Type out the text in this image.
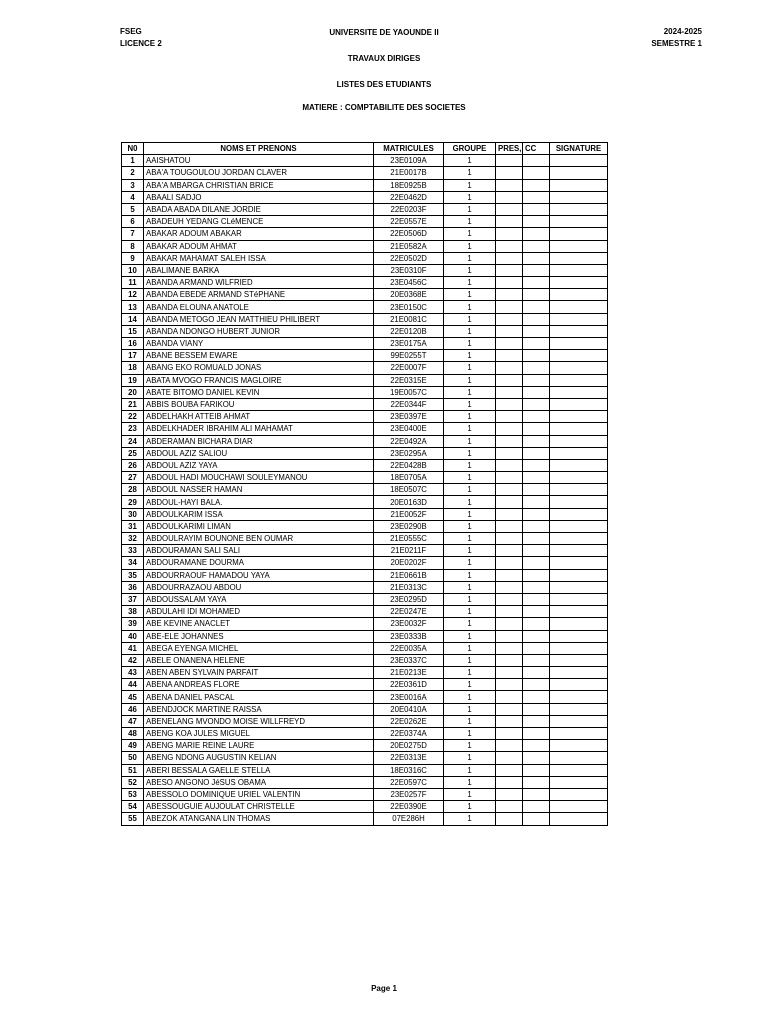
FSEG
LICENCE 2
UNIVERSITE DE YAOUNDE II	2024-2025
SEMESTRE 1
TRAVAUX DIRIGES
LISTES DES ETUDIANTS
MATIERE : COMPTABILITE DES SOCIETES
N0	NOMS ET PRENONS	MATRICULES	GROUPE	PRES,	CC	SIGNATURE
1	AAISHATOU	23E0109A	1			
2	ABA'A TOUGOULOU JORDAN CLAVER	21E0017B	1			
3	ABA'A MBARGA CHRISTIAN BRICE	18E0925B	1			
4	ABAALI SADJO	22E0462D	1			
5	ABADA ABADA DILANE JORDIE	22E0203F	1			
6	ABADEUH YEDANG CLéMENCE	22E0557E	1			
7	ABAKAR ADOUM ABAKAR	22E0506D	1			
8	ABAKAR ADOUM AHMAT	21E0582A	1			
9	ABAKAR MAHAMAT SALEH ISSA	22E0502D	1			
10	ABALIMANE BARKA	23E0310F	1			
11	ABANDA ARMAND WILFRIED	23E0456C	1			
12	ABANDA EBEDE ARMAND STéPHANE	20E0368E	1			
13	ABANDA ELOUNA ANATOLE	23E0150C	1			
14	ABANDA METOGO JEAN MATTHIEU PHILIBERT	21E0081C	1			
15	ABANDA NDONGO HUBERT JUNIOR	22E0120B	1			
16	ABANDA VIANY	23E0175A	1			
17	ABANE BESSEM EWARE	99E0255T	1			
18	ABANG EKO ROMUALD JONAS	22E0007F	1			
19	ABATA MVOGO FRANCIS MAGLOIRE	22E0315E	1			
20	ABATE BITOMO DANIEL KEVIN	19E0057C	1			
21	ABBIS BOUBA FARIKOU	22E0344F	1			
22	ABDELHAKH ATTEIB AHMAT	23E0397E	1			
23	ABDELKHADER IBRAHIM ALI MAHAMAT	23E0400E	1			
24	ABDERAMAN BICHARA DIAR	22E0492A	1			
25	ABDOUL AZIZ SALIOU	23E0295A	1			
26	ABDOUL AZIZ YAYA	22E0428B	1			
27	ABDOUL HADI MOUCHAWI SOULEYMANOU	18E0705A	1			
28	ABDOUL NASSER HAMAN	18E0507C	1			
29	ABDOUL-HAYI BALA.	20E0163D	1			
30	ABDOULKARIM ISSA	21E0052F	1			
31	ABDOULKARIMI LIMAN	23E0290B	1			
32	ABDOULRAYIM BOUNONE BEN OUMAR	21E0555C	1			
33	ABDOURAMAN SALI SALI	21E0211F	1			
34	ABDOURAMANE DOURMA	20E0202F	1			
35	ABDOURRAOUF HAMADOU YAYA	21E0661B	1			
36	ABDOURRAZAOU ABDOU	21E0313C	1			
37	ABDOUSSALAM YAYA	23E0295D	1			
38	ABDULAHI IDI MOHAMED	22E0247E	1			
39	ABE KEVINE ANACLET	23E0032F	1			
40	ABE-ELE JOHANNES	23E0333B	1			
41	ABEGA EYENGA MICHEL	22E0035A	1			
42	ABELE ONANENA HELENE	23E0337C	1			
43	ABEN ABEN SYLVAIN PARFAIT	21E0213E	1			
44	ABENA ANDREAS FLORE	22E0361D	1			
45	ABENA DANIEL PASCAL	23E0016A	1			
46	ABENDJOCK MARTINE RAISSA	20E0410A	1			
47	ABENELANG MVONDO MOISE WILLFREYD	22E0262E	1			
48	ABENG KOA JULES MIGUEL	22E0374A	1			
49	ABENG MARIE REINE LAURE	20E0275D	1			
50	ABENG NDONG AUGUSTIN KELIAN	22E0313E	1			
51	ABERI BESSALA GAELLE STELLA	18E0316C	1			
52	ABESO ANGONO JéSUS OBAMA	22E0597C	1			
53	ABESSOLO DOMINIQUE URIEL VALENTIN	23E0257F	1			
54	ABESSOUGUIE AUJOULAT CHRISTELLE	22E0390E	1			
55	ABEZOK ATANGANA LIN THOMAS	07E286H	1			
Page 1
